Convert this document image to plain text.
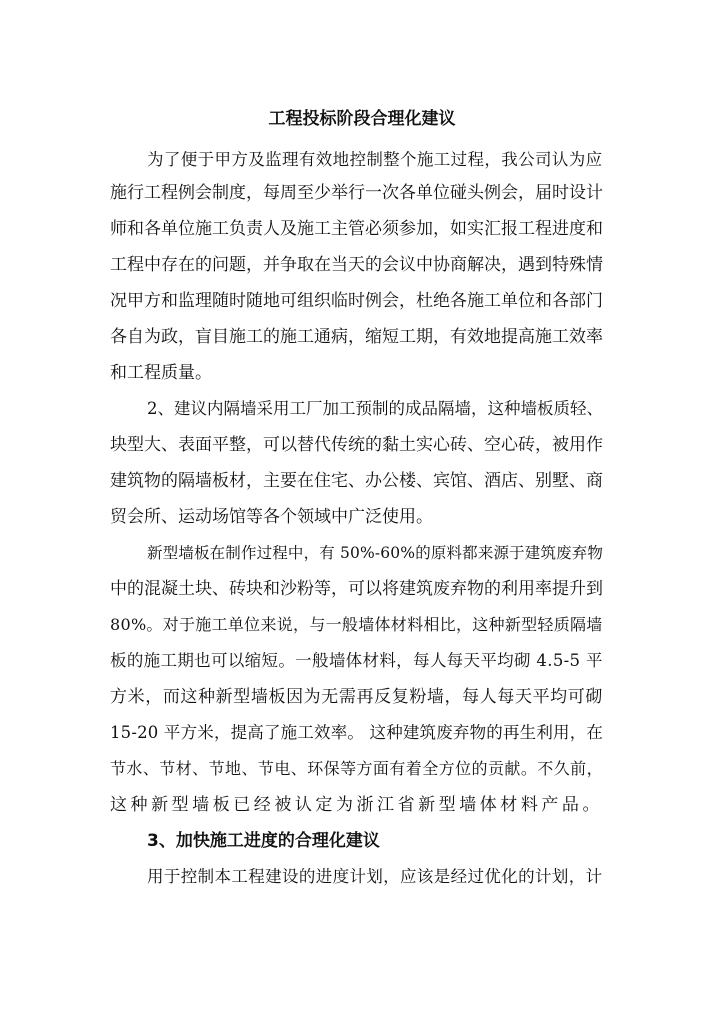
工程投标阶段合理化建议
为了便于甲方及监理有效地控制整个施工过程，我公司认为应
施行工程例会制度，每周至少举行一次各单位碰头例会，届时设计
师和各单位施工负责人及施工主管必须参加，如实汇报工程进度和
工程中存在的问题，并争取在当天的会议中协商解决，遇到特殊情
况甲方和监理随时随地可组织临时例会，杜绝各施工单位和各部门
各自为政，盲目施工的施工通病，缩短工期，有效地提高施工效率
和工程质量。
2、建议内隔墙采用工厂加工预制的成品隔墙，这种墙板质轻、
块型大、表面平整，可以替代传统的黏土实心砖、空心砖，被用作
建筑物的隔墙板材，主要在住宅、办公楼、宾馆、酒店、别墅、商
贸会所、运动场馆等各个领域中广泛使用。
新型墙板在制作过程中，有 50%-60%的原料都来源于建筑废弃物
中的混凝土块、砖块和沙粉等，可以将建筑废弃物的利用率提升到
80%。对于施工单位来说，与一般墙体材料相比，这种新型轻质隔墙
板的施工期也可以缩短。一般墙体材料，每人每天平均砌 4.5-5 平
方米，而这种新型墙板因为无需再反复粉墙，每人每天平均可砌
15-20 平方米，提高了施工效率。 这种建筑废弃物的再生利用，在
节水、节材、节地、节电、环保等方面有着全方位的贡献。不久前，
这种新型墙板已经被认定为浙江省新型墙体材料产品。
3、加快施工进度的合理化建议
用于控制本工程建设的进度计划，应该是经过优化的计划，计
